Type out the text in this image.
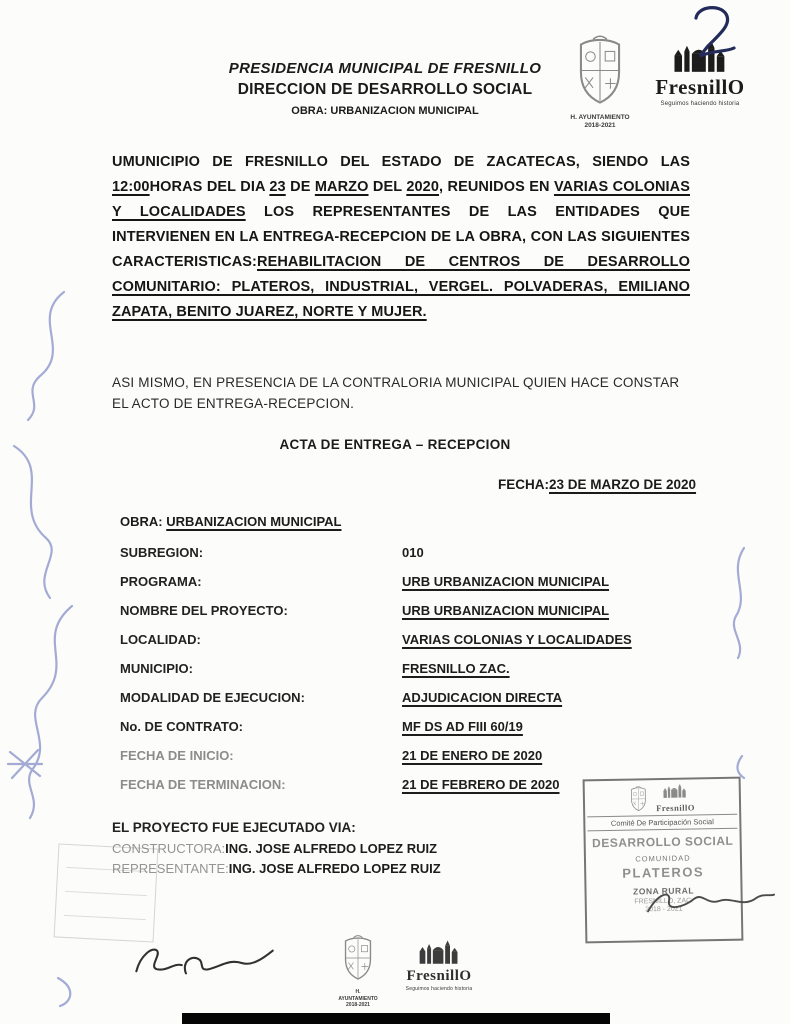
PRESIDENCIA MUNICIPAL DE FRESNILLO
DIRECCION DE DESARROLLO SOCIAL
OBRA: URBANIZACION MUNICIPAL
H. AYUNTAMIENTO
2018-2021
FresnillO
Seguimos haciendo historia

UMUNICIPIO DE FRESNILLO DEL ESTADO DE ZACATECAS, SIENDO LAS 12:00HORAS DEL DIA 23 DE MARZO DEL 2020, REUNIDOS EN VARIAS COLONIAS Y LOCALIDADES LOS REPRESENTANTES DE LAS ENTIDADES QUE INTERVIENEN EN LA ENTREGA-RECEPCION DE LA OBRA, CON LAS SIGUIENTES CARACTERISTICAS:REHABILITACION DE CENTROS DE DESARROLLO COMUNITARIO: PLATEROS, INDUSTRIAL, VERGEL. POLVADERAS, EMILIANO ZAPATA, BENITO JUAREZ, NORTE Y MUJER.

ASI MISMO, EN PRESENCIA DE LA CONTRALORIA MUNICIPAL QUIEN HACE CONSTAR EL ACTO DE ENTREGA-RECEPCION.

ACTA DE ENTREGA – RECEPCION
FECHA:23 DE MARZO DE 2020
OBRA: URBANIZACION MUNICIPAL
SUBREGION:	010
PROGRAMA:	URB URBANIZACION MUNICIPAL
NOMBRE DEL PROYECTO:	URB URBANIZACION MUNICIPAL
LOCALIDAD:	VARIAS COLONIAS Y LOCALIDADES
MUNICIPIO:	FRESNILLO ZAC.
MODALIDAD DE EJECUCION:	ADJUDICACION DIRECTA
No. DE CONTRATO:	MF DS AD FIII 60/19
FECHA DE INICIO:	21 DE ENERO DE 2020
FECHA DE TERMINACION:	21 DE FEBRERO DE 2020
EL PROYECTO FUE EJECUTADO VIA:
CONSTRUCTORA:ING. JOSE ALFREDO LOPEZ RUIZ
REPRESENTANTE:ING. JOSE ALFREDO LOPEZ RUIZ
FresnillO
Comité De Participación Social
DESARROLLO SOCIAL
COMUNIDAD
PLATEROS
ZONA RURAL
FRESNILLO, ZAC.
2018 - 2021
H. AYUNTAMIENTO
2018-2021
FresnillO
Seguimos haciendo historia
